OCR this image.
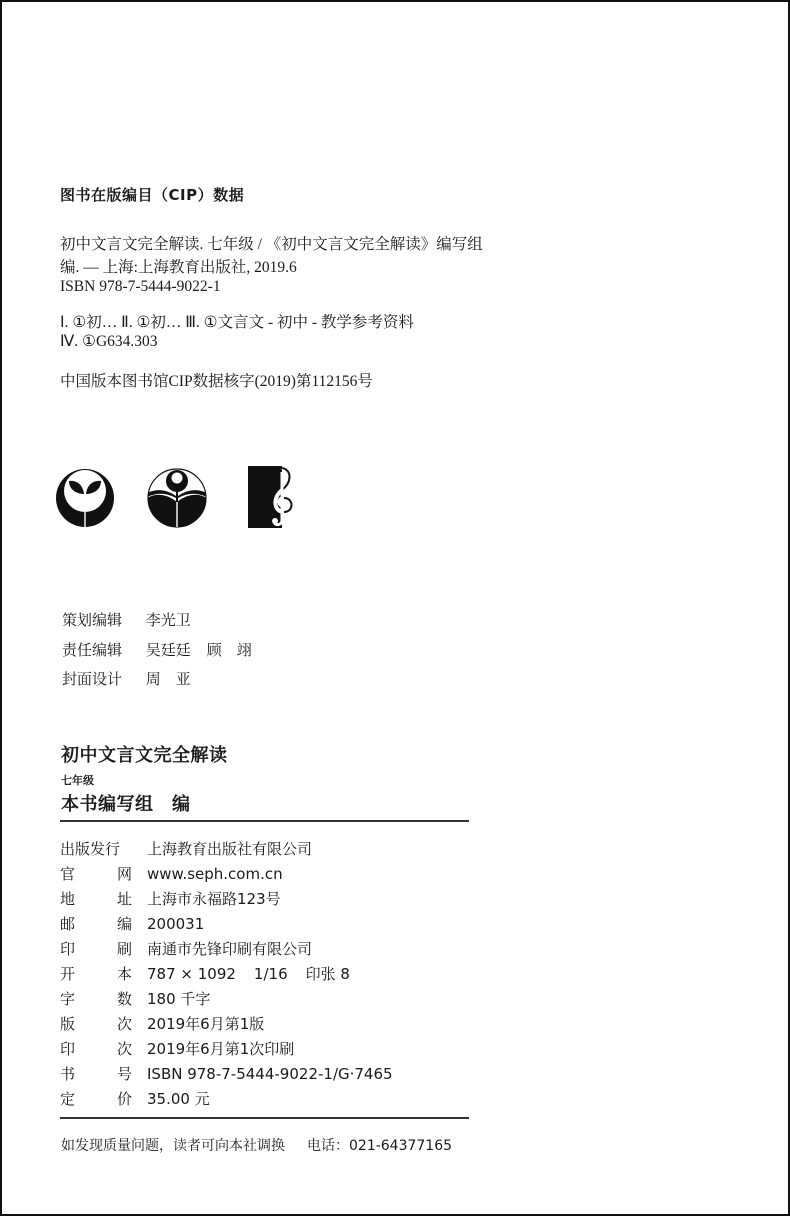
图书在版编目（CIP）数据
初中文言文完全解读. 七年级 / 《初中文言文完全解读》编写组
编. — 上海:上海教育出版社, 2019.6
ISBN 978-7-5444-9022-1
Ⅰ. ①初… Ⅱ. ①初… Ⅲ. ①文言文 - 初中 - 教学参考资料
Ⅳ. ①G634.303
中国版本图书馆CIP数据核字(2019)第112156号
策划编辑 李光卫
责任编辑 吴廷廷 顾　翊
封面设计 周　亚
初中文言文完全解读
七年级
本书编写组　编
出版发行 上海教育出版社有限公司
官	网 www.seph.com.cn
地	址 上海市永福路123号
邮	编 200031
印	刷 南通市先锋印刷有限公司
开	本 787 × 1092 1/16 印张 8
字	数 180 千字
版	次 2019年6月第1版
印	次 2019年6月第1次印刷
书	号 ISBN 978-7-5444-9022-1/G·7465
定	价 35.00 元
如发现质量问题，读者可向本社调换 电话：021-64377165
